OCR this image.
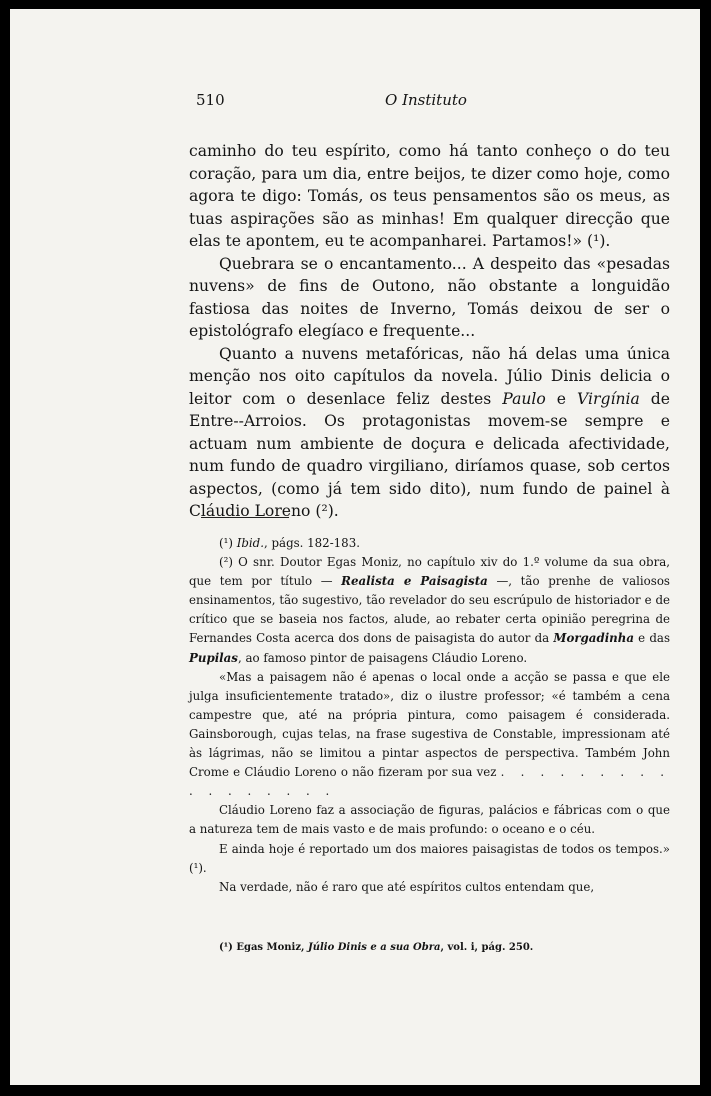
510	O Instituto

caminho do teu espírito, como há tanto conheço o do teu coração, para um dia, entre beijos, te dizer como hoje, como agora te digo: Tomás, os teus pensamentos são os meus, as tuas aspirações são as minhas! Em qualquer direcção que elas te apontem, eu te acompanharei. Partamos!» (¹).

Quebrara se o encantamento... A despeito das «pesadas nuvens» de fins de Outono, não obstante a longuidão fastiosa das noites de Inverno, Tomás deixou de ser o epistológrafo elegíaco e frequente...

Quanto a nuvens metafóricas, não há delas uma única menção nos oito capítulos da novela. Júlio Dinis delicia o leitor com o desenlace feliz destes Paulo e Virgínia de Entre--Arroios. Os protagonistas movem-se sempre e actuam num ambiente de doçura e delicada afectividade, num fundo de quadro virgiliano, diríamos quase, sob certos aspectos, (como já tem sido dito), num fundo de painel à Cláudio Loreno (²).

(¹) Ibid., págs. 182-183.

(²) O snr. Doutor Egas Moniz, no capítulo xiv do 1.º volume da sua obra, que tem por título — Realista e Paisagista —, tão prenhe de valiosos ensinamentos, tão sugestivo, tão revelador do seu escrúpulo de historiador e de crítico que se baseia nos factos, alude, ao rebater certa opinião peregrina de Fernandes Costa acerca dos dons de paisagista do autor da Morgadinha e das Pupilas, ao famoso pintor de paisagens Cláudio Loreno.

«Mas a paisagem não é apenas o local onde a acção se passa e que ele julga insuficientemente tratado», diz o ilustre professor; «é também a cena campestre que, até na própria pintura, como paisagem é considerada. Gainsborough, cujas telas, na frase sugestiva de Constable, impressionam até às lágrimas, não se limitou a pintar aspectos de perspectiva. Também John Crome e Cláudio Loreno o não fizeram por sua vez . . . . . . . . . . . . . . . . .

Cláudio Loreno faz a associação de figuras, palácios e fábricas com o que a natureza tem de mais vasto e de mais profundo: o oceano e o céu.

E ainda hoje é reportado um dos maiores paisagistas de todos os tempos.» (¹).

Na verdade, não é raro que até espíritos cultos entendam que,

(¹) Egas Moniz, Júlio Dinis e a sua Obra, vol. i, pág. 250.
